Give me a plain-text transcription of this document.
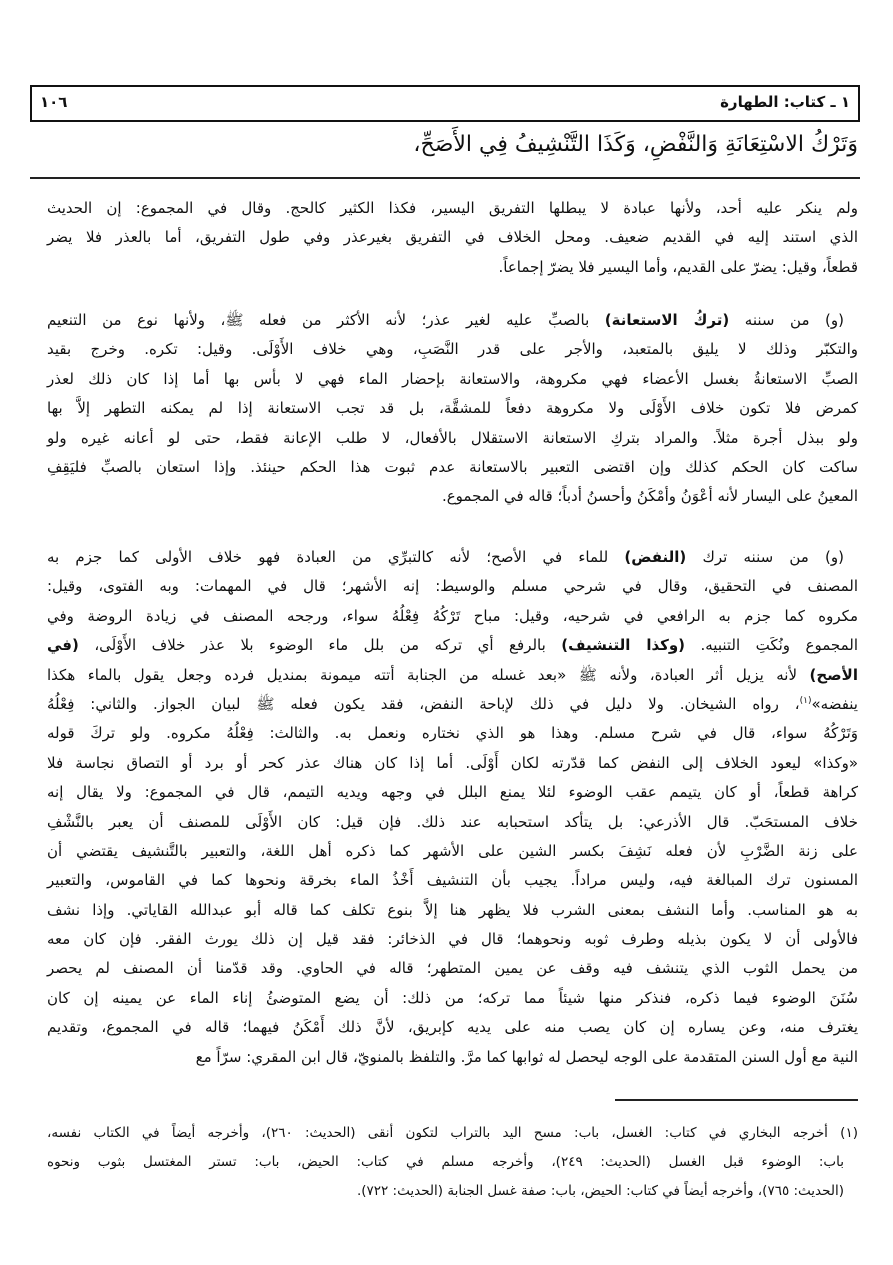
١ ـ كتاب: الطهارة
١٠٦
وَتَرْكُ الاسْتِعَانَةِ وَالنَّفْضِ، وَكَذَا التَّنْشِيفُ فِي الأَصَحِّ،
ولم ينكر عليه أحد، ولأنها عبادة لا يبطلها التفريق اليسير، فكذا الكثير كالحج. وقال في المجموع: إن الحديث
الذي استند إليه في القديم ضعيف. ومحل الخلاف في التفريق بغيرعذر وفي طول التفريق، أما بالعذر فلا يضر
قطعاً، وقيل: يضرّ على القديم، وأما اليسير فلا يضرّ إجماعاً.
(و) من سننه (تركُ الاستعانة) بالصبِّ عليه لغير عذر؛ لأنه الأكثر من فعله ﷺ، ولأنها نوع من التنعيم
والتكبّر وذلك لا يليق بالمتعبد، والأجر على قدر النَّصَبِ، وهي خلاف الأَوْلَى. وقيل: تكره. وخرج بقيد
الصبِّ الاستعانةُ بغسل الأعضاء فهي مكروهة، والاستعانة بإحضار الماء فهي لا بأس بها أما إذا كان ذلك لعذر
كمرض فلا تكون خلاف الأَوْلَى ولا مكروهة دفعاً للمشقَّة، بل قد تجب الاستعانة إذا لم يمكنه التطهر إلاَّ بها
ولو ببذل أجرة مثلاً. والمراد بتركِ الاستعانة الاستقلال بالأفعال، لا طلب الإعانة فقط، حتى لو أعانه غيره ولو
ساكت كان الحكم كذلك وإن اقتضى التعبير بالاستعانة عدم ثبوت هذا الحكم حينئذ. وإذا استعان بالصبِّ فليَقِفِ
المعينُ على اليسار لأنه أعْوَنُ وأمْكَنُ وأحسنُ أدباً؛ قاله في المجموع.
(و) من سننه ترك (النفض) للماء في الأصح؛ لأنه كالتبرِّي من العبادة فهو خلاف الأولى كما جزم به
المصنف في التحقيق، وقال في شرحي مسلم والوسيط: إنه الأشهر؛ قال في المهمات: وبه الفتوى، وقيل:
مكروه كما جزم به الرافعي في شرحيه، وقيل: مباح تَرْكُهُ فِعْلُهُ سواء، ورجحه المصنف في زيادة الروضة وفي
المجموع ونُكَتِ التنبيه. (وكذا التنشيف) بالرفع أي تركه من بلل ماء الوضوء بلا عذر خلاف الأَوْلَى، (في
الأصح) لأنه يزيل أثر العبادة، ولأنه ﷺ «بعد غسله من الجنابة أتته ميمونة بمنديل فرده وجعل يقول بالماء هكذا
ينفضه»$^{(١)}$، رواه الشيخان. ولا دليل في ذلك لإباحة النفض، فقد يكون فعله ﷺ لبيان الجواز. والثاني: فِعْلُهُ
وَتَرْكُهُ سواء، قال في شرح مسلم. وهذا هو الذي نختاره ونعمل به. والثالث: فِعْلُهُ مكروه. ولو تركَ قوله
«وكذا» ليعود الخلاف إلى النفض كما قدّرته لكان أَوْلَى. أما إذا كان هناك عذر كحر أو برد أو التصاق نجاسة فلا
كراهة قطعاً، أو كان يتيمم عقب الوضوء لئلا يمنع البلل في وجهه ويديه التيمم، قال في المجموع: ولا يقال إنه
خلاف المستحَبّ. قال الأذرعي: بل يتأكد استحبابه عند ذلك. فإن قيل: كان الأَوْلَى للمصنف أن يعبر بالنَّشْفِ
على زنة الضَّرْبِ لأن فعله نَشِفَ بكسر الشين على الأشهر كما ذكره أهل اللغة، والتعبير بالتَّنشيف يقتضي أن
المسنون ترك المبالغة فيه، وليس مراداً. يجيب بأن التنشيف أَخْذُ الماء بخرقة ونحوها كما في القاموس، والتعبير
به هو المناسب. وأما النشف بمعنى الشرب فلا يظهر هنا إلاَّ بنوع تكلف كما قاله أبو عبدالله القاياتي. وإذا نشف
فالأولى أن لا يكون بذيله وطرف ثوبه ونحوهما؛ قال في الذخائر: فقد قيل إن ذلك يورث الفقر. فإن كان معه
من يحمل الثوب الذي يتنشف فيه وقف عن يمين المتطهر؛ قاله في الحاوي. وقد قدّمنا أن المصنف لم يحصر
سُنَنَ الوضوء فيما ذكره، فنذكر منها شيئاً مما تركه؛ من ذلك: أن يضع المتوضئُ إناء الماء عن يمينه إن كان
يغترف منه، وعن يساره إن كان يصب منه على يديه كإبريق، لأنَّ ذلك أَمْكَنُ فيهما؛ قاله في المجموع، وتقديم
النية مع أول السنن المتقدمة على الوجه ليحصل له ثوابها كما مرَّ. والتلفظ بالمنويّ، قال ابن المقري: سرّاً مع
(١) أخرجه البخاري في كتاب: الغسل، باب: مسح اليد بالتراب لتكون أنقى (الحديث: ٢٦٠)، وأخرجه أيضاً في الكتاب نفسه،
باب: الوضوء قبل الغسل (الحديث: ٢٤٩)، وأخرجه مسلم في كتاب: الحيض، باب: تستر المغتسل بثوب ونحوه
(الحديث: ٧٦٥)، وأخرجه أيضاً في كتاب: الحيض، باب: صفة غسل الجنابة (الحديث: ٧٢٢).
